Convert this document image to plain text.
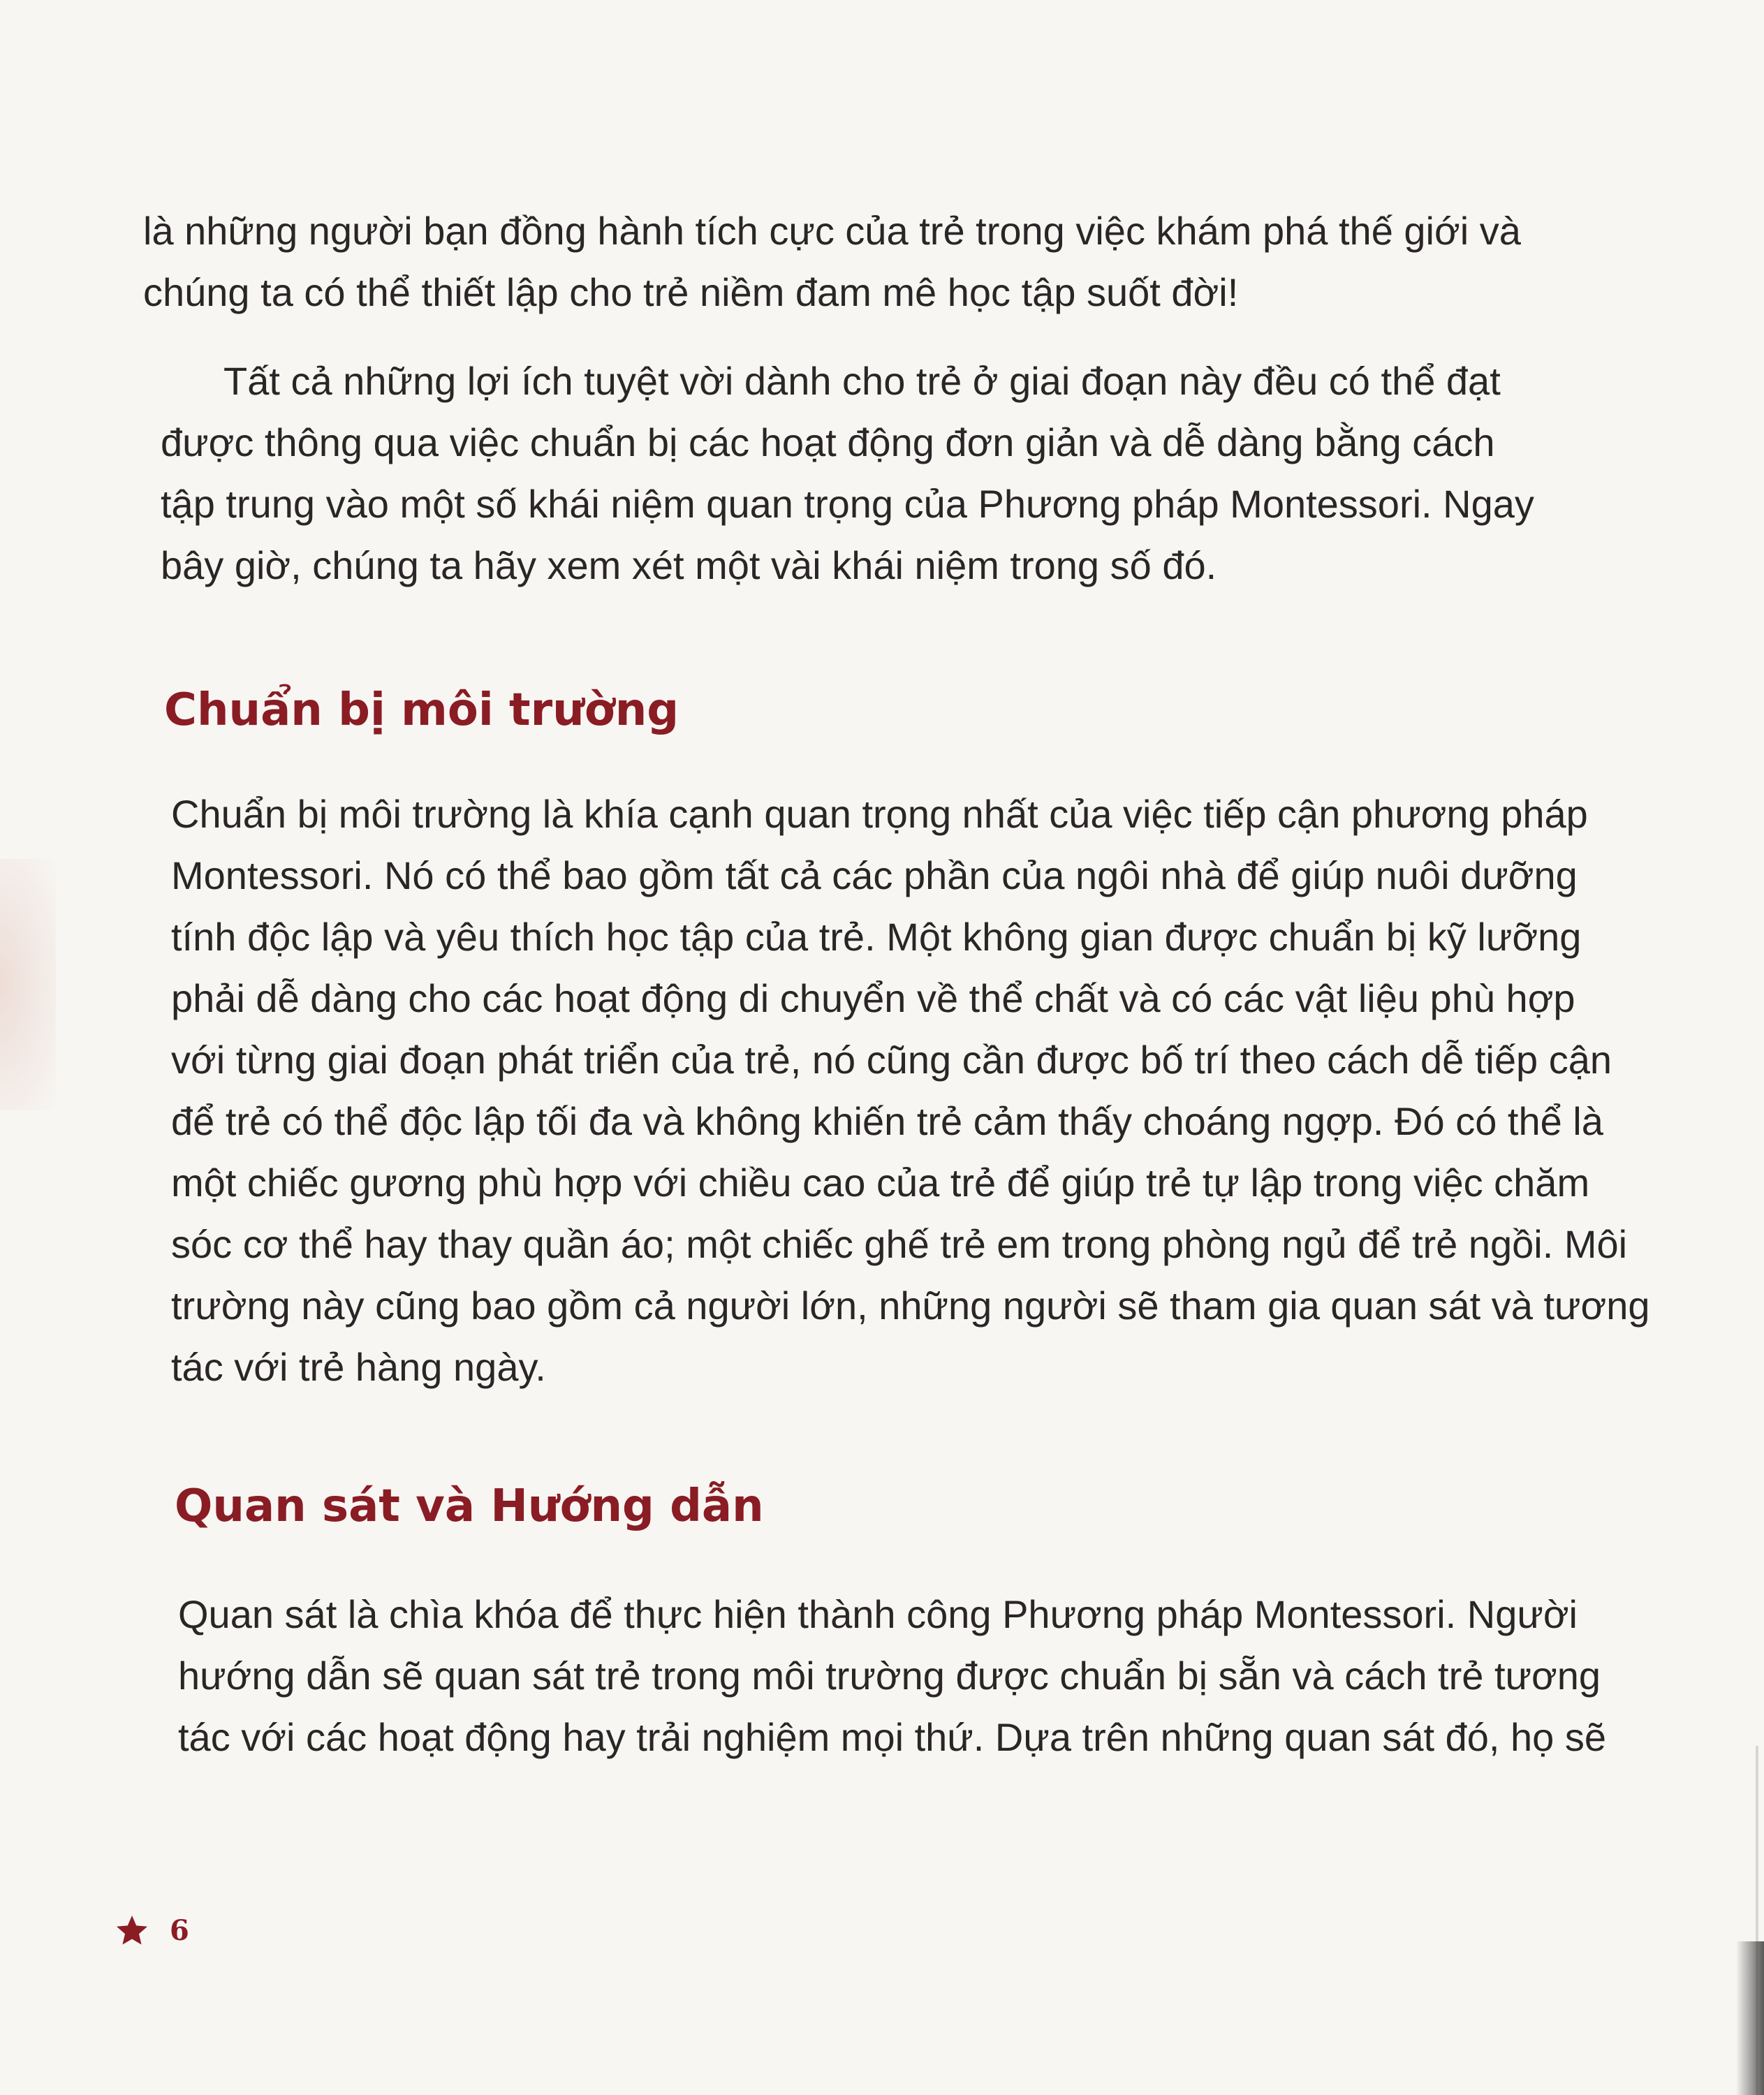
là những người bạn đồng hành tích cực của trẻ trong việc khám phá thế giới và
chúng ta có thể thiết lập cho trẻ niềm đam mê học tập suốt đời!

Tất cả những lợi ích tuyệt vời dành cho trẻ ở giai đoạn này đều có thể đạt
được thông qua việc chuẩn bị các hoạt động đơn giản và dễ dàng bằng cách
tập trung vào một số khái niệm quan trọng của Phương pháp Montessori. Ngay
bây giờ, chúng ta hãy xem xét một vài khái niệm trong số đó.

Chuẩn bị môi trường

Chuẩn bị môi trường là khía cạnh quan trọng nhất của việc tiếp cận phương pháp
Montessori. Nó có thể bao gồm tất cả các phần của ngôi nhà để giúp nuôi dưỡng
tính độc lập và yêu thích học tập của trẻ. Một không gian được chuẩn bị kỹ lưỡng
phải dễ dàng cho các hoạt động di chuyển về thể chất và có các vật liệu phù hợp
với từng giai đoạn phát triển của trẻ, nó cũng cần được bố trí theo cách dễ tiếp cận
để trẻ có thể độc lập tối đa và không khiến trẻ cảm thấy choáng ngợp. Đó có thể là
một chiếc gương phù hợp với chiều cao của trẻ để giúp trẻ tự lập trong việc chăm
sóc cơ thể hay thay quần áo; một chiếc ghế trẻ em trong phòng ngủ để trẻ ngồi. Môi
trường này cũng bao gồm cả người lớn, những người sẽ tham gia quan sát và tương
tác với trẻ hàng ngày.

Quan sát và Hướng dẫn

Quan sát là chìa khóa để thực hiện thành công Phương pháp Montessori. Người
hướng dẫn sẽ quan sát trẻ trong môi trường được chuẩn bị sẵn và cách trẻ tương
tác với các hoạt động hay trải nghiệm mọi thứ. Dựa trên những quan sát đó, họ sẽ

6
